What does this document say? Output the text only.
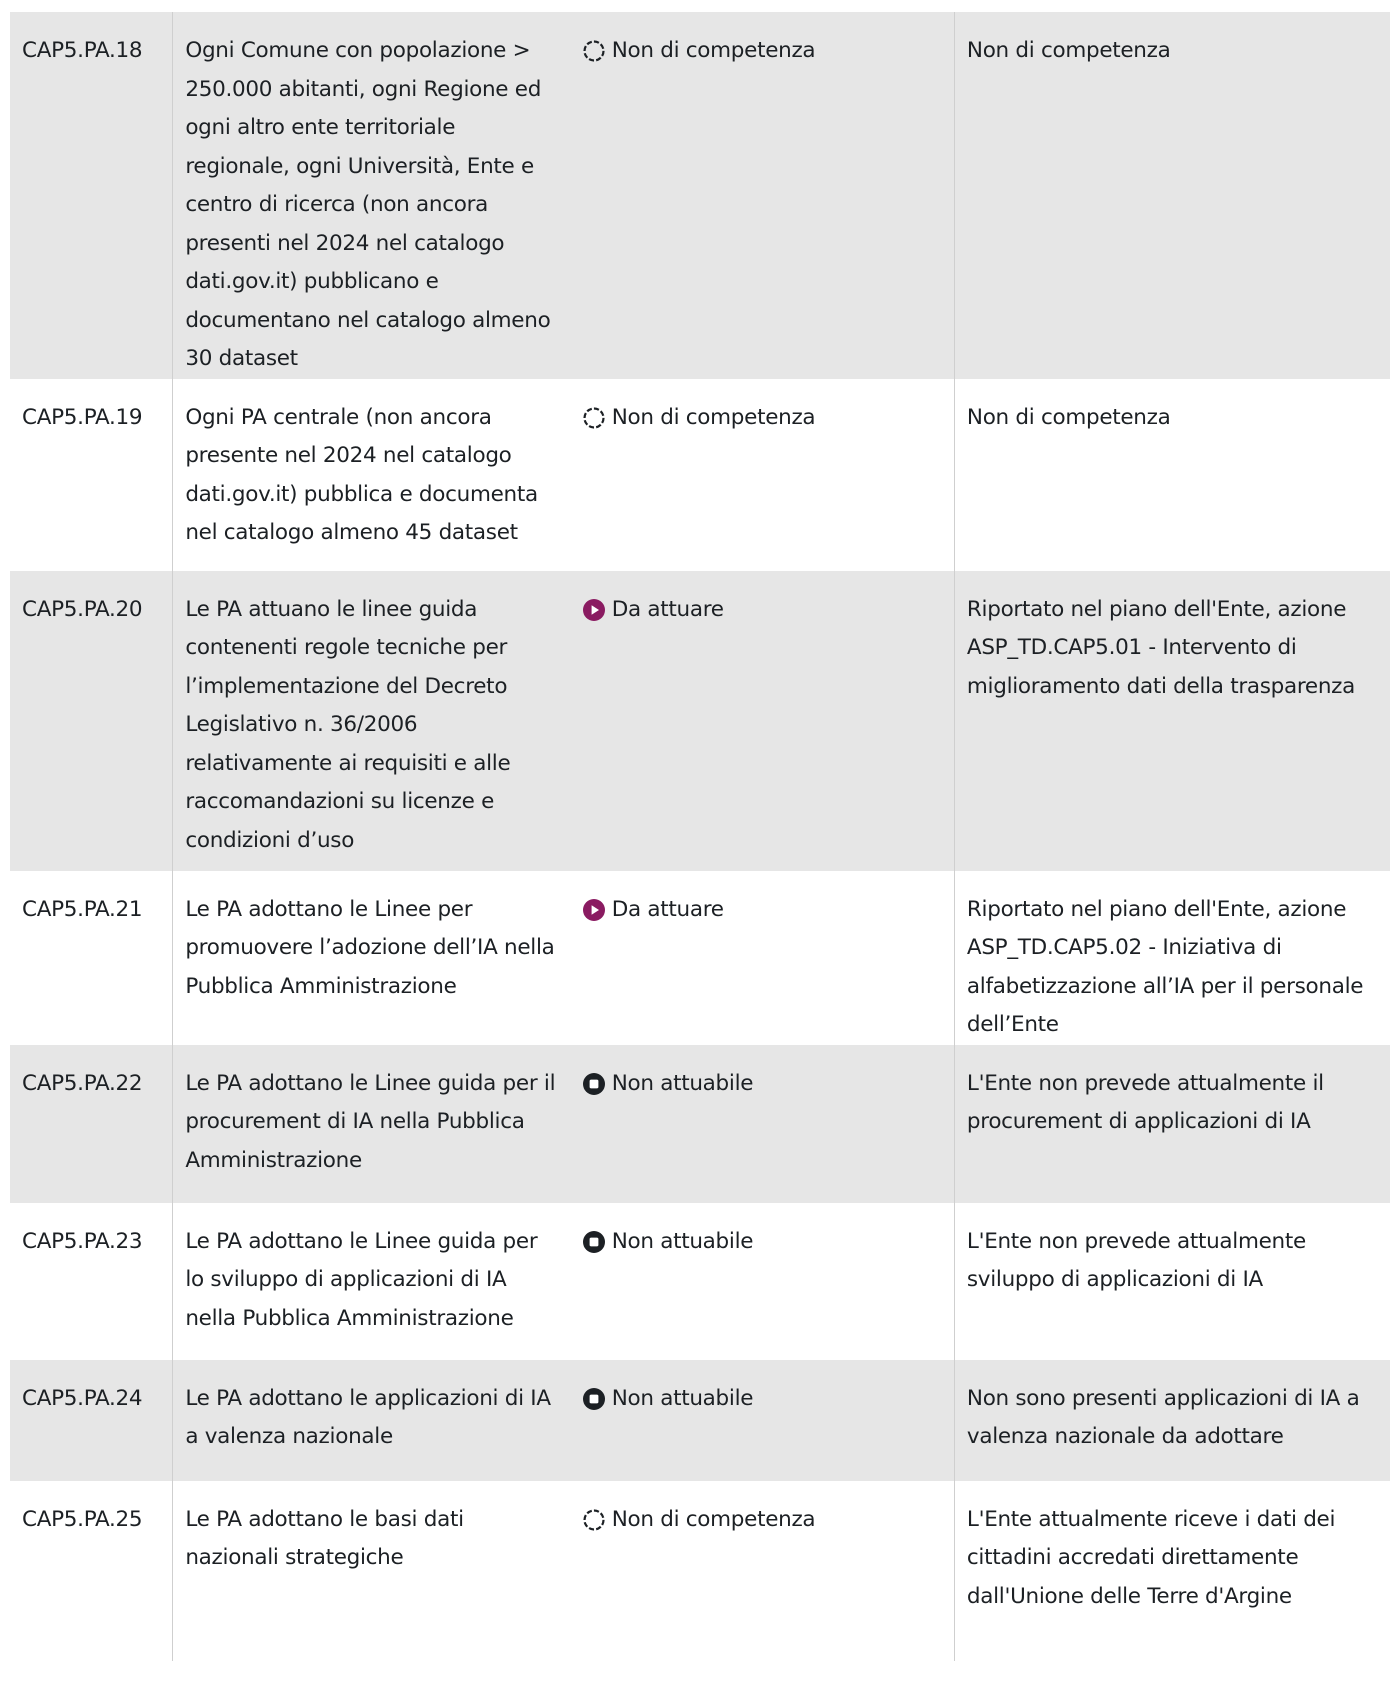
CAP5.PA.18	Ogni Comune con popolazione > 250.000 abitanti, ogni Regione ed ogni altro ente territoriale regionale, ogni Università, Ente e centro di ricerca (non ancora presenti nel 2024 nel catalogo dati.gov.it) pubblicano e documentano nel catalogo almeno 30 dataset	Non di competenza	Non di competenza
CAP5.PA.19	Ogni PA centrale (non ancora presente nel 2024 nel catalogo dati.gov.it) pubblica e documenta nel catalogo almeno 45 dataset	Non di competenza	Non di competenza
CAP5.PA.20	Le PA attuano le linee guida contenenti regole tecniche per l’implementazione del Decreto Legislativo n. 36/2006 relativamente ai requisiti e alle raccomandazioni su licenze e condizioni d’uso	Da attuare	Riportato nel piano dell'Ente, azione ASP_TD.CAP5.01 - Intervento di miglioramento dati della trasparenza
CAP5.PA.21	Le PA adottano le Linee per promuovere l’adozione dell’IA nella Pubblica Amministrazione	Da attuare	Riportato nel piano dell'Ente, azione ASP_TD.CAP5.02 - Iniziativa di alfabetizzazione all’IA per il personale dell’Ente
CAP5.PA.22	Le PA adottano le Linee guida per il procurement di IA nella Pubblica Amministrazione	Non attuabile	L'Ente non prevede attualmente il procurement di applicazioni di IA
CAP5.PA.23	Le PA adottano le Linee guida per lo sviluppo di applicazioni di IA nella Pubblica Amministrazione	Non attuabile	L'Ente non prevede attualmente sviluppo di applicazioni di IA
CAP5.PA.24	Le PA adottano le applicazioni di IA a valenza nazionale	Non attuabile	Non sono presenti applicazioni di IA a valenza nazionale da adottare
CAP5.PA.25	Le PA adottano le basi dati nazionali strategiche	Non di competenza	L'Ente attualmente riceve i dati dei cittadini accredati direttamente dall'Unione delle Terre d'Argine
